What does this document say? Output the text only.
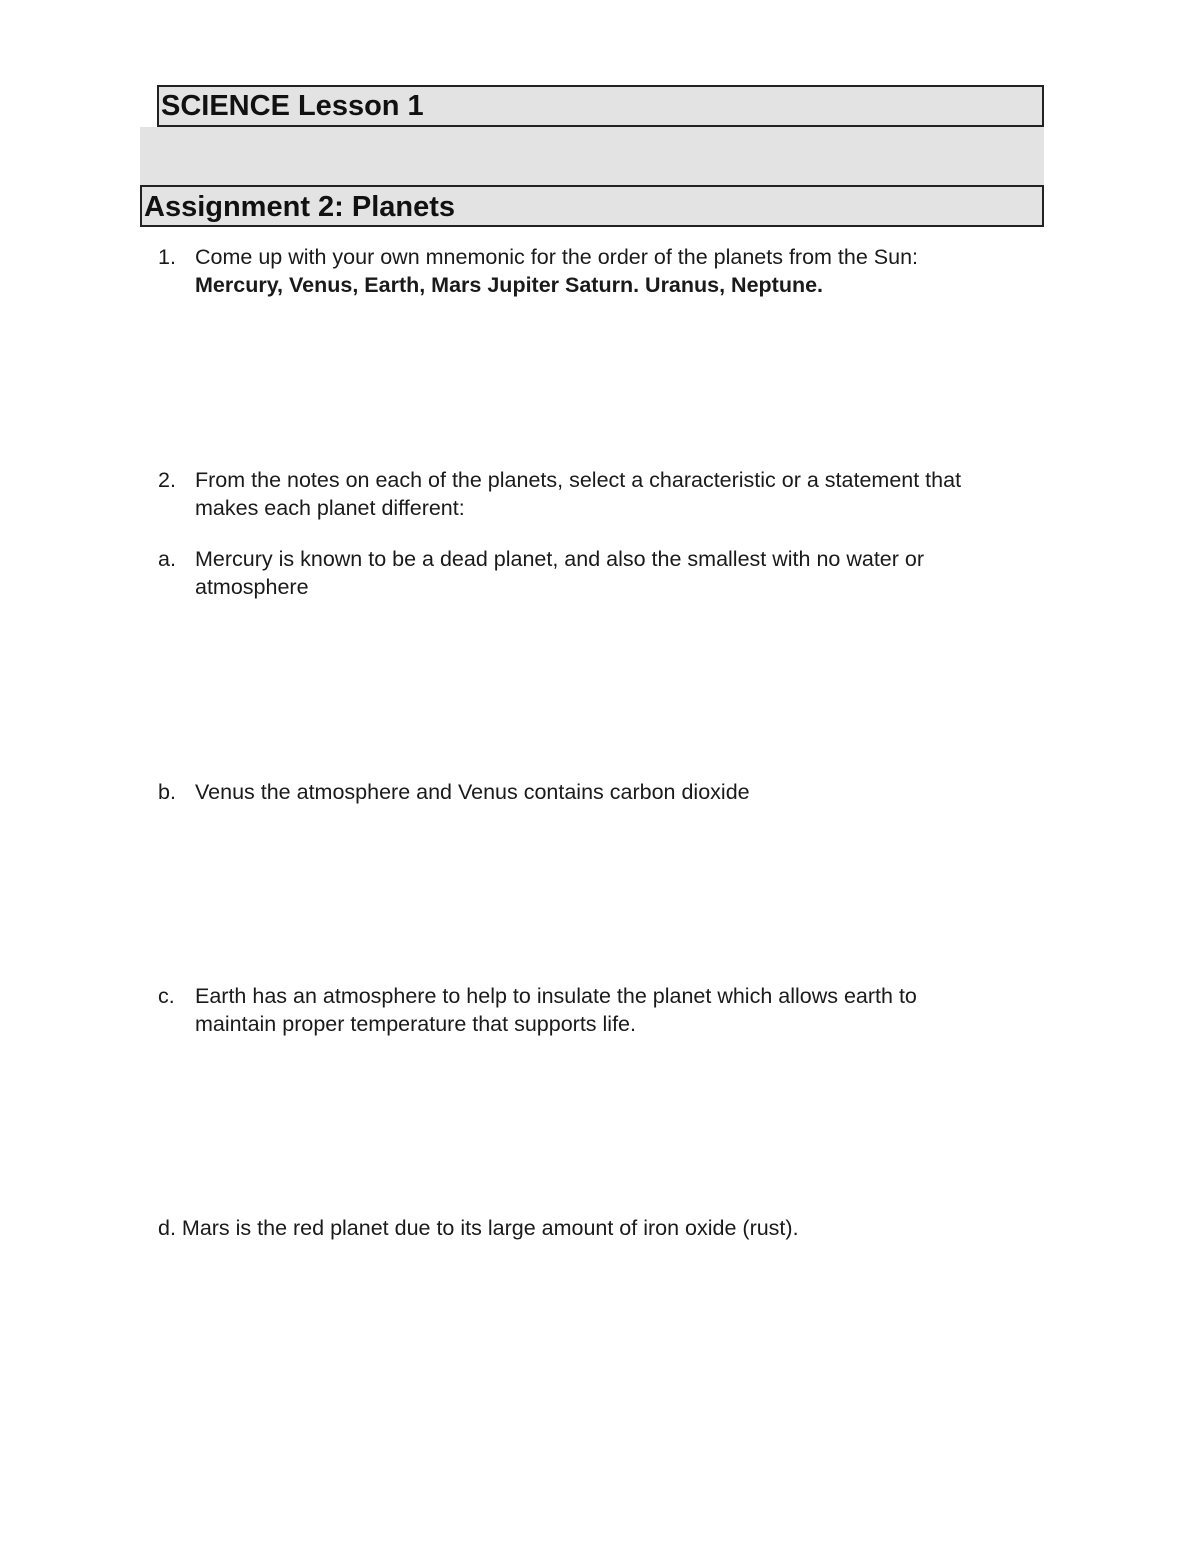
SCIENCE Lesson 1
Assignment 2: Planets
1. Come up with your own mnemonic for the order of the planets from the Sun:
Mercury, Venus, Earth, Mars Jupiter Saturn. Uranus, Neptune.
2. From the notes on each of the planets, select a characteristic or a statement that
makes each planet different:
a. Mercury is known to be a dead planet, and also the smallest with no water or
atmosphere
b. Venus the atmosphere and Venus contains carbon dioxide
c. Earth has an atmosphere to help to insulate the planet which allows earth to
maintain proper temperature that supports life.
d. Mars is the red planet due to its large amount of iron oxide (rust).
